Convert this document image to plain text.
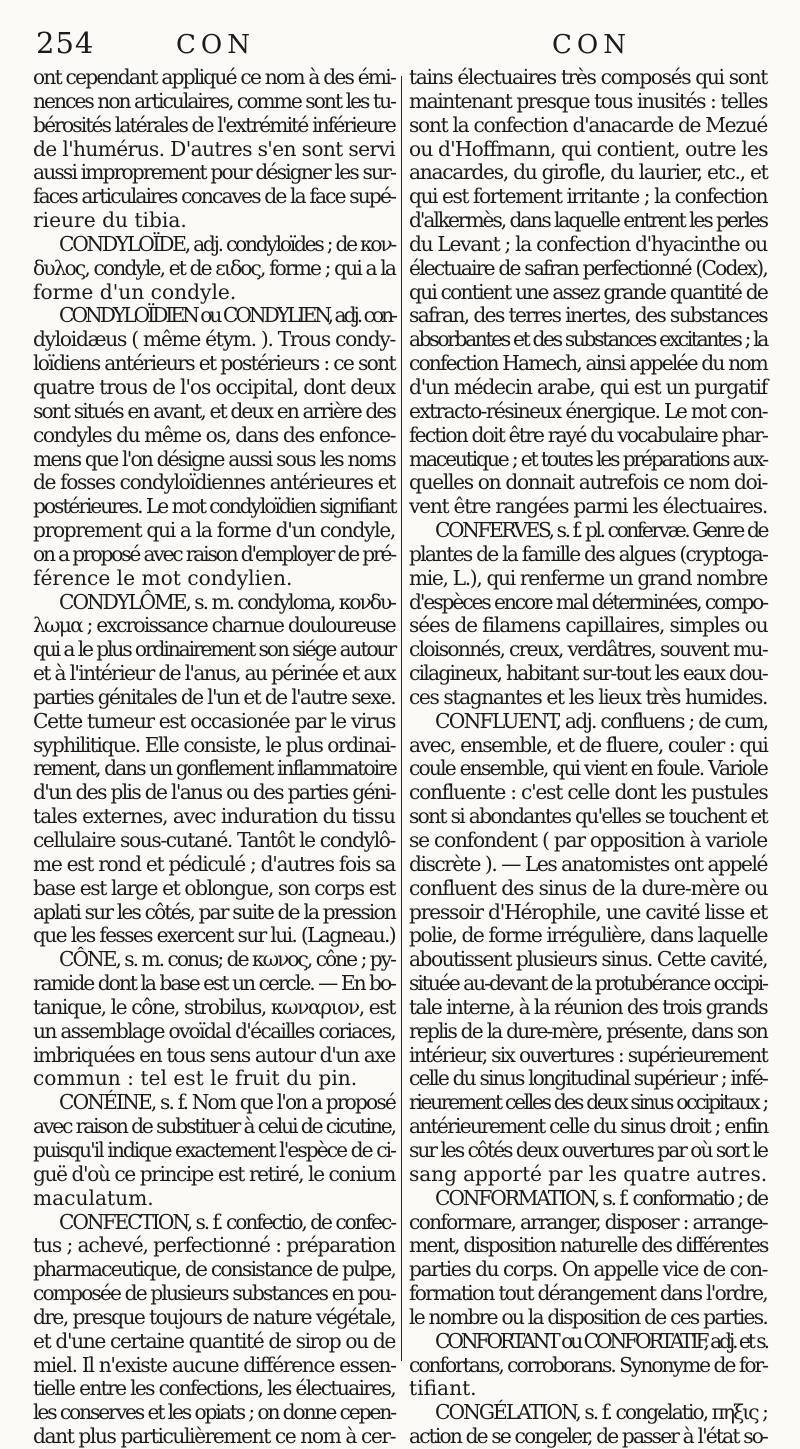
254	CON	CON
ont cependant appliqué ce nom à des émi-
nences non articulaires, comme sont les tu-
bérosités latérales de l'extrémité inférieure
de l'humérus. D'autres s'en sont servi
aussi improprement pour désigner les sur-
faces articulaires concaves de la face supé-
rieure du tibia.
CONDYLOÏDE, adj. condyloïdes ; de κον-
δυλος, condyle, et de ειδος, forme ; qui a la
forme d'un condyle.
CONDYLOÏDIEN ou CONDYLIEN, adj. con-
dyloidæus ( même étym. ). Trous condy-
loïdiens antérieurs et postérieurs : ce sont
quatre trous de l'os occipital, dont deux
sont situés en avant, et deux en arrière des
condyles du même os, dans des enfonce-
mens que l'on désigne aussi sous les noms
de fosses condyloïdiennes antérieures et
postérieures. Le mot condyloïdien signifiant
proprement qui a la forme d'un condyle,
on a proposé avec raison d'employer de pré-
férence le mot condylien.
CONDYLÔME, s. m. condyloma, κονδυ-
λωμα ; excroissance charnue douloureuse
qui a le plus ordinairement son siége autour
et à l'intérieur de l'anus, au périnée et aux
parties génitales de l'un et de l'autre sexe.
Cette tumeur est occasionée par le virus
syphilitique. Elle consiste, le plus ordinai-
rement, dans un gonflement inflammatoire
d'un des plis de l'anus ou des parties géni-
tales externes, avec induration du tissu
cellulaire sous-cutané. Tantôt le condylô-
me est rond et pédiculé ; d'autres fois sa
base est large et oblongue, son corps est
aplati sur les côtés, par suite de la pression
que les fesses exercent sur lui. (Lagneau.)
CÔNE, s. m. conus; de κωνος, cône ; py-
ramide dont la base est un cercle. — En bo-
tanique, le cône, strobilus, κωναριον, est
un assemblage ovoïdal d'écailles coriaces,
imbriquées en tous sens autour d'un axe
commun : tel est le fruit du pin.
CONÉINE, s. f. Nom que l'on a proposé
avec raison de substituer à celui de cicutine,
puisqu'il indique exactement l'espèce de ci-
guë d'où ce principe est retiré, le conium
maculatum.
CONFECTION, s. f. confectio, de confec-
tus ; achevé, perfectionné : préparation
pharmaceutique, de consistance de pulpe,
composée de plusieurs substances en pou-
dre, presque toujours de nature végétale,
et d'une certaine quantité de sirop ou de
miel. Il n'existe aucune différence essen-
tielle entre les confections, les électuaires,
les conserves et les opiats ; on donne cepen-
dant plus particulièrement ce nom à cer-
tains électuaires très composés qui sont
maintenant presque tous inusités : telles
sont la confection d'anacarde de Mezué
ou d'Hoffmann, qui contient, outre les
anacardes, du girofle, du laurier, etc., et
qui est fortement irritante ; la confection
d'alkermès, dans laquelle entrent les perles
du Levant ; la confection d'hyacinthe ou
électuaire de safran perfectionné (Codex),
qui contient une assez grande quantité de
safran, des terres inertes, des substances
absorbantes et des substances excitantes ; la
confection Hamech, ainsi appelée du nom
d'un médecin arabe, qui est un purgatif
extracto-résineux énergique. Le mot con-
fection doit être rayé du vocabulaire phar-
maceutique ; et toutes les préparations aux-
quelles on donnait autrefois ce nom doi-
vent être rangées parmi les électuaires.
CONFERVES, s. f. pl. confervæ. Genre de
plantes de la famille des algues (cryptoga-
mie, L.), qui renferme un grand nombre
d'espèces encore mal déterminées, compo-
sées de filamens capillaires, simples ou
cloisonnés, creux, verdâtres, souvent mu-
cilagineux, habitant sur-tout les eaux dou-
ces stagnantes et les lieux très humides.
CONFLUENT, adj. confluens ; de cum,
avec, ensemble, et de fluere, couler : qui
coule ensemble, qui vient en foule. Variole
confluente : c'est celle dont les pustules
sont si abondantes qu'elles se touchent et
se confondent ( par opposition à variole
discrète ). — Les anatomistes ont appelé
confluent des sinus de la dure-mère ou
pressoir d'Hérophile, une cavité lisse et
polie, de forme irrégulière, dans laquelle
aboutissent plusieurs sinus. Cette cavité,
située au-devant de la protubérance occipi-
tale interne, à la réunion des trois grands
replis de la dure-mère, présente, dans son
intérieur, six ouvertures : supérieurement
celle du sinus longitudinal supérieur ; infé-
rieurement celles des deux sinus occipitaux ;
antérieurement celle du sinus droit ; enfin
sur les côtés deux ouvertures par où sort le
sang apporté par les quatre autres.
CONFORMATION, s. f. conformatio ; de
conformare, arranger, disposer : arrange-
ment, disposition naturelle des différentes
parties du corps. On appelle vice de con-
formation tout dérangement dans l'ordre,
le nombre ou la disposition de ces parties.
CONFORTANT ou CONFORTATIF, adj. et s.
confortans, corroborans. Synonyme de for-
tifiant.
CONGÉLATION, s. f. congelatio, πηξις ;
action de se congeler, de passer à l'état so-
